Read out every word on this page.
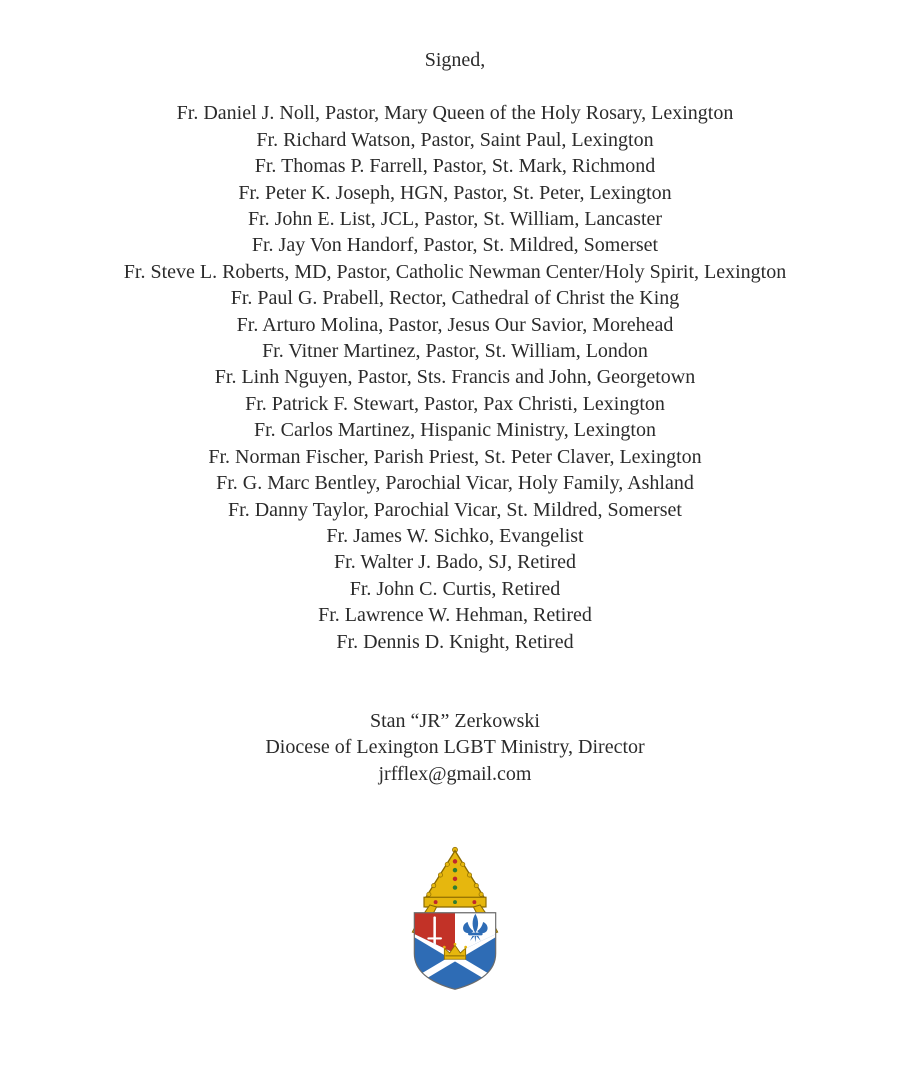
Signed,
Fr. Daniel J. Noll, Pastor, Mary Queen of the Holy Rosary, Lexington
Fr. Richard Watson, Pastor, Saint Paul, Lexington
Fr. Thomas P. Farrell, Pastor, St. Mark, Richmond
Fr. Peter K. Joseph, HGN, Pastor, St. Peter, Lexington
Fr. John E. List, JCL, Pastor, St. William, Lancaster
Fr. Jay Von Handorf, Pastor, St. Mildred, Somerset
Fr. Steve L. Roberts, MD, Pastor, Catholic Newman Center/Holy Spirit, Lexington
Fr. Paul G. Prabell, Rector, Cathedral of Christ the King
Fr. Arturo Molina, Pastor, Jesus Our Savior, Morehead
Fr. Vitner Martinez, Pastor, St. William, London
Fr. Linh Nguyen, Pastor, Sts. Francis and John, Georgetown
Fr. Patrick F. Stewart, Pastor, Pax Christi, Lexington
Fr. Carlos Martinez, Hispanic Ministry, Lexington
Fr. Norman Fischer, Parish Priest, St. Peter Claver, Lexington
Fr. G. Marc Bentley, Parochial Vicar, Holy Family, Ashland
Fr. Danny Taylor, Parochial Vicar, St. Mildred, Somerset
Fr. James W. Sichko, Evangelist
Fr. Walter J. Bado, SJ, Retired
Fr. John C. Curtis, Retired
Fr. Lawrence W. Hehman, Retired
Fr. Dennis D. Knight, Retired
Stan “JR” Zerkowski
Diocese of Lexington LGBT Ministry, Director
jrfflex@gmail.com
